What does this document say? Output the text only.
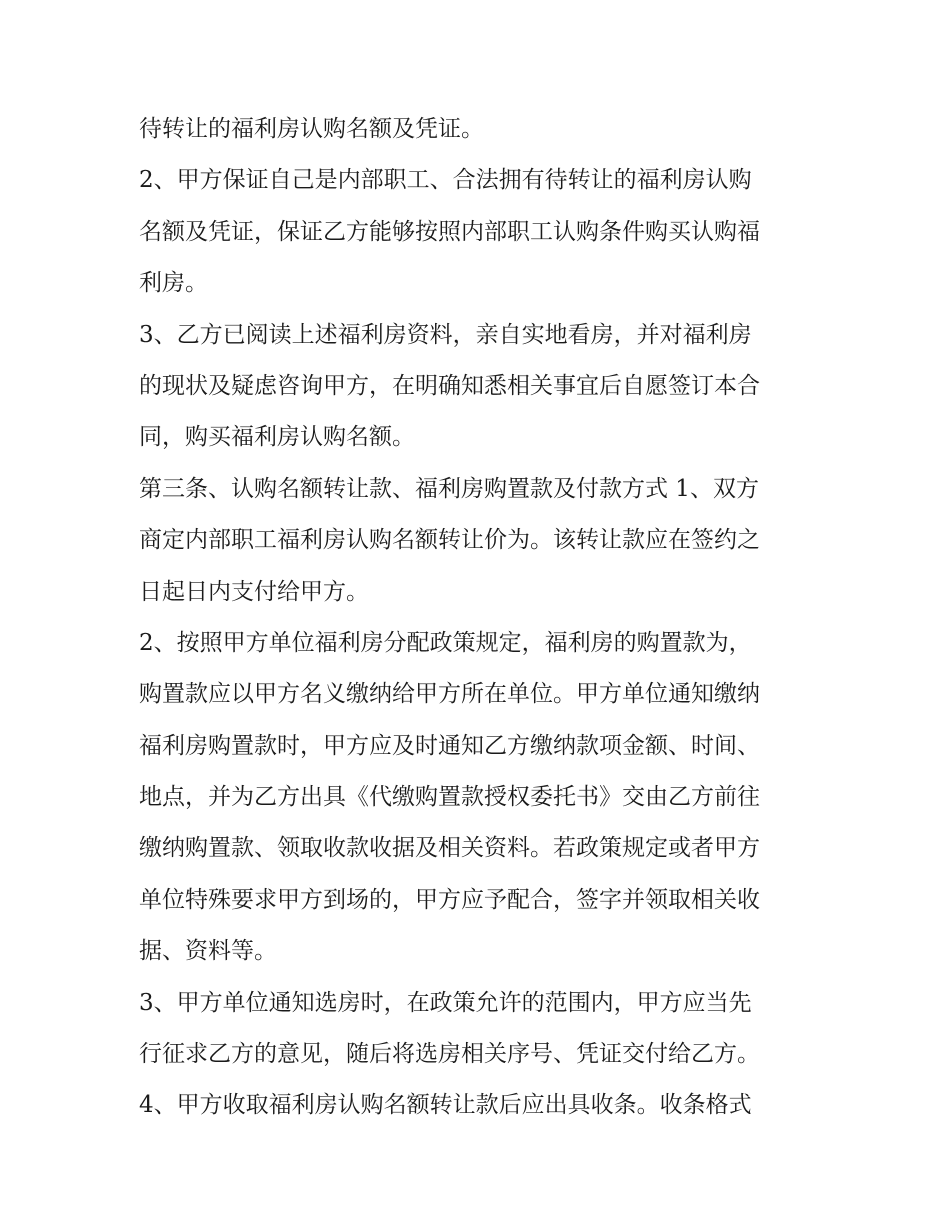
待转让的福利房认购名额及凭证。

2、甲方保证自己是内部职工、合法拥有待转让的福利房认购

名额及凭证，保证乙方能够按照内部职工认购条件购买认购福

利房。

3、乙方已阅读上述福利房资料，亲自实地看房，并对福利房

的现状及疑虑咨询甲方，在明确知悉相关事宜后自愿签订本合

同，购买福利房认购名额。

第三条、认购名额转让款、福利房购置款及付款方式 1、双方

商定内部职工福利房认购名额转让价为。该转让款应在签约之

日起日内支付给甲方。

2、按照甲方单位福利房分配政策规定，福利房的购置款为，

购置款应以甲方名义缴纳给甲方所在单位。甲方单位通知缴纳

福利房购置款时，甲方应及时通知乙方缴纳款项金额、时间、

地点，并为乙方出具《代缴购置款授权委托书》交由乙方前往

缴纳购置款、领取收款收据及相关资料。若政策规定或者甲方

单位特殊要求甲方到场的，甲方应予配合，签字并领取相关收

据、资料等。

3、甲方单位通知选房时，在政策允许的范围内，甲方应当先

行征求乙方的意见，随后将选房相关序号、凭证交付给乙方。

4、甲方收取福利房认购名额转让款后应出具收条。收条格式
